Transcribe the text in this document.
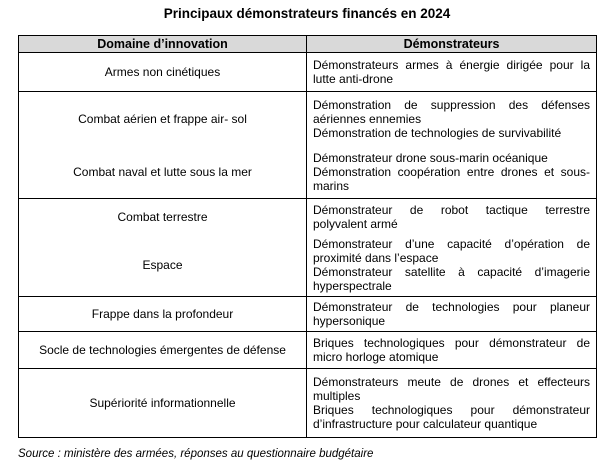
Principaux démonstrateurs financés en 2024
Domaine d’innovation	Démonstrateurs
Armes non cinétiques	Démonstrateurs armes à énergie dirigée pour la lutte anti-drone

Combat aérien et frappe air- sol	Démonstration de suppression des défenses aériennes ennemies
Démonstration de technologies de survivabilité

Combat naval et lutte sous la mer	Démonstrateur drone sous-marin océanique
Démonstration coopération entre drones et sous-marins

Combat terrestre	Démonstrateur de robot tactique terrestre polyvalent armé

Espace	Démonstrateur d’une capacité d’opération de proximité dans l’espace
Démonstrateur satellite à capacité d’imagerie hyperspectrale

Frappe dans la profondeur	Démonstrateur de technologies pour planeur hypersonique

Socle de technologies émergentes de défense	Briques technologiques pour démonstrateur de micro horloge atomique

Supériorité informationnelle	Démonstrateurs meute de drones et effecteurs multiples
Briques technologiques pour démonstrateur d’infrastructure pour calculateur quantique
Source : ministère des armées, réponses au questionnaire budgétaire
